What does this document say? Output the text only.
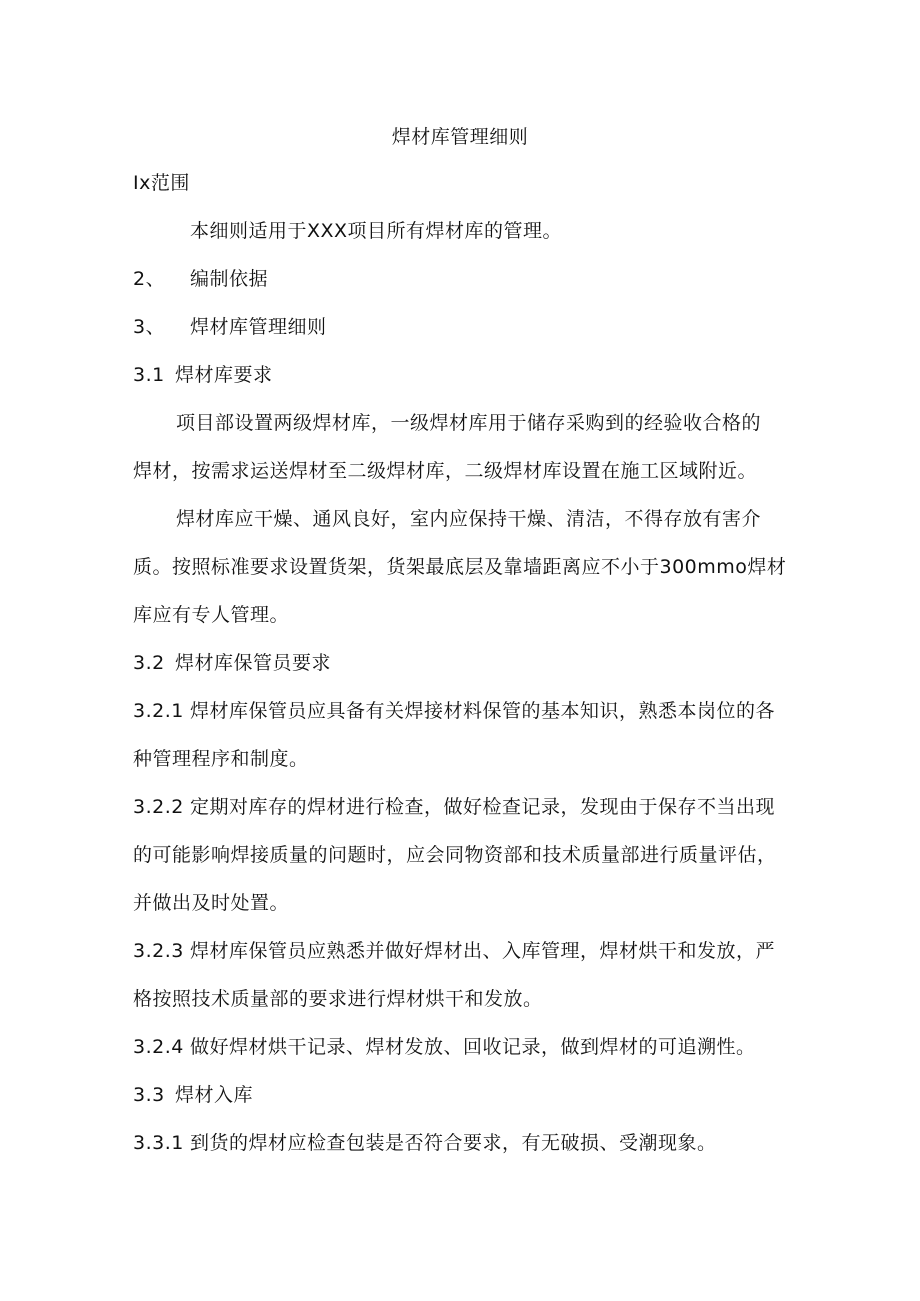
焊材库管理细则
Ix范围
本细则适用于XXX项目所有焊材库的管理。
2、 编制依据
3、 焊材库管理细则
3.1 焊材库要求
项目部设置两级焊材库，一级焊材库用于储存采购到的经验收合格的
焊材，按需求运送焊材至二级焊材库，二级焊材库设置在施工区域附近。
焊材库应干燥、通风良好，室内应保持干燥、清洁，不得存放有害介
质。按照标准要求设置货架，货架最底层及靠墙距离应不小于300mmo焊材
库应有专人管理。
3.2 焊材库保管员要求
3.2.1 焊材库保管员应具备有关焊接材料保管的基本知识，熟悉本岗位的各
种管理程序和制度。
3.2.2 定期对库存的焊材进行检查，做好检查记录，发现由于保存不当出现
的可能影响焊接质量的问题时，应会同物资部和技术质量部进行质量评估，
并做出及时处置。
3.2.3 焊材库保管员应熟悉并做好焊材出、入库管理，焊材烘干和发放，严
格按照技术质量部的要求进行焊材烘干和发放。
3.2.4 做好焊材烘干记录、焊材发放、回收记录，做到焊材的可追溯性。
3.3 焊材入库
3.3.1 到货的焊材应检查包装是否符合要求，有无破损、受潮现象。
